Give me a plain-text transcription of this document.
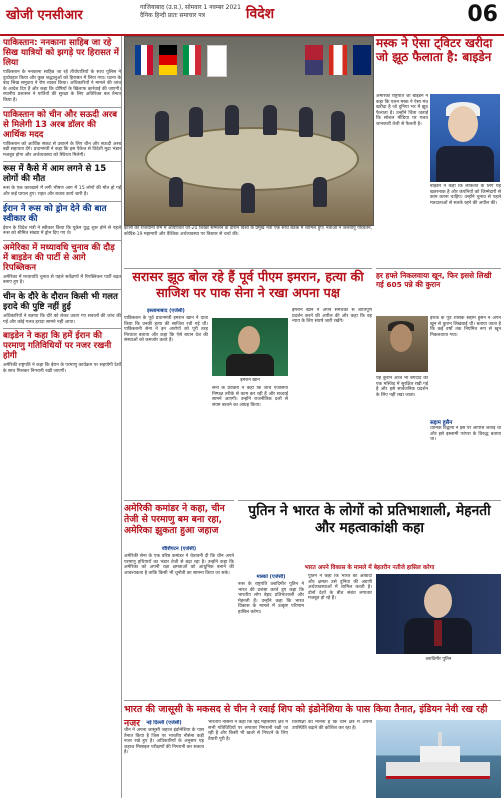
खोजी एनसीआर
गाजियाबाद (उ.प्र.), सोमवार 1 नवम्बर 2021
दैनिक हिन्दी प्रातः समाचार पत्र	विदेश	06
पाकिस्तान: ननकाना साहिब जा रहे सिख यात्रियों को झगड़े पर हिरासत में लिया
पाकिस्तान के ननकाना साहिब जा रहे तीर्थयात्रियों के साथ पुलिस ने दुर्व्यवहार किया और कुछ श्रद्धालुओं को हिरासत में लिया गया। घटना के बाद सिख समुदाय ने रोष व्यक्त किया। अधिकारियों ने मामले की जांच के आदेश दिए हैं और कहा कि दोषियों के खिलाफ कार्रवाई की जाएगी। स्थानीय प्रशासन ने यात्रियों की सुरक्षा के लिए अतिरिक्त बल तैनात किया है।
पाकिस्तान को चीन और सऊदी अरब से मिलेगी 13 अरब डॉलर की आर्थिक मदद
पाकिस्तान को आर्थिक संकट से उबारने के लिए चीन और सऊदी अरब बड़ी सहायता देंगे। प्रधानमंत्री ने कहा कि इस पैकेज से विदेशी मुद्रा भंडार मजबूत होगा और अर्थव्यवस्था को स्थिरता मिलेगी।
रूस में कैसे में आम लगने से 15 लोगों की मौत
रूस के एक कारखाने में लगी भीषण आग में 15 लोगों की मौत हो गई और कई घायल हुए। राहत और बचाव कार्य जारी है।
ईरान ने रूस को ड्रोन देने की बात स्वीकार की
ईरान के विदेश मंत्री ने स्वीकार किया कि यूक्रेन युद्ध शुरू होने से पहले रूस को सीमित संख्या में ड्रोन दिए गए थे।
अमेरिका में मध्यावधि चुनाव की दौड़ में बाइडेन की पार्टी से आगे रिपब्लिकन
अमेरिका में मध्यावधि चुनाव से पहले सर्वेक्षणों में रिपब्लिकन पार्टी बढ़त बनाए हुए है।
चीन के दौरे के दौरान किसी भी गलत इरादे की पुष्टि नहीं हुई
अधिकारियों ने बताया कि दौरे को लेकर उठाए गए सवालों की जांच की गई और कोई गलत इरादा सामने नहीं आया।
बाइडेन ने कहा कि हमें ईरान की परमाणु गतिविधियों पर नजर रखनी होगी
अमेरिकी राष्ट्रपति ने कहा कि ईरान के परमाणु कार्यक्रम पर सहयोगी देशों के साथ मिलकर निगरानी रखी जाएगी।
इटली की राजधानी रोम में आयोजित जी-20 शिखर सम्मेलन के दौरान विश्व के प्रमुख नेता एक साथ बैठक में शामिल हुए। नेताओं ने जलवायु परिवर्तन, कोविड-19 महामारी और वैश्विक अर्थव्यवस्था पर विस्तार से चर्चा की।
मस्क ने ऐसा ट्विटर खरीदा जो झूठ फैलाता है: बाइडेन
अमेरिकी राष्ट्रपति जो बाइडेन ने कहा कि एलन मस्क ने ऐसा मंच खरीदा है जो दुनिया भर में झूठ फैलाता है। उन्होंने चिंता जताई कि सोशल मीडिया पर गलत जानकारी तेजी से फैलती है।
बाइडेन ने कहा कि लोकतंत्र के लिए यह खतरनाक है और कंपनियों को जिम्मेदारी से काम करना चाहिए। उन्होंने चुनाव से पहले मतदाताओं से सतर्क रहने की अपील की।
सरासर झूठ बोल रहे हैं पूर्व पीएम इमरान, हत्या की साजिश पर पाक सेना ने रखा अपना पक्ष
इस्लामाबाद (एजेंसी)
पाकिस्तान के पूर्व प्रधानमंत्री इमरान खान ने दावा किया कि उनकी हत्या की साजिश रची गई थी। पाकिस्तानी सेना ने इन आरोपों को पूरी तरह निराधार बताया और कहा कि ऐसे बयान देश की संस्थाओं को कमजोर करते हैं।
इमरान खान
सेना के प्रवक्ता ने कहा कि जांच एजेंसियां निष्पक्ष तरीके से काम कर रही हैं और सच्चाई सामने आएगी। उन्होंने राजनीतिक दलों से संयम बरतने का आग्रह किया।
इमरान खान ने अपने समर्थकों से शांतिपूर्ण प्रदर्शन करने की अपील की और कहा कि वह न्याय के लिए संघर्ष जारी रखेंगे।
हर हफ्ते निकलवाया खून, फिर इससे लिखी गई 605 पन्ने की कुरान
इराक के पूर्व शासक सद्दाम हुसैन ने अपने खून से कुरान लिखवाई थी। बताया जाता है कि कई वर्षों तक नियमित रूप से खून निकलवाया गया।
यह कुरान आज भी बगदाद की एक मस्जिद में सुरक्षित रखी गई है और इसे सार्वजनिक प्रदर्शन के लिए नहीं रखा जाता।
सद्दाम हुसैन
धार्मिक विद्वानों ने इस पर आपत्ति जताई थी और इसे इस्लामी परंपरा के विरुद्ध बताया था।
अमेरिकी कमांडर ने कहा, चीन तेजी से परमाणु बम बना रहा, अमेरिका झुकता हुआ जहाज
वॉशिंगटन (एजेंसी)
अमेरिकी सेना के एक वरिष्ठ कमांडर ने चेतावनी दी कि चीन अपने परमाणु हथियारों का भंडार तेजी से बढ़ा रहा है। उन्होंने कहा कि अमेरिका को अपनी रक्षा क्षमताओं को आधुनिक बनाने की आवश्यकता है ताकि किसी भी चुनौती का सामना किया जा सके।
पुतिन ने भारत के लोगों को प्रतिभाशाली, मेहनती और महत्वाकांक्षी कहा
भारत अपने विकास के मामले में बेहतरीन नतीजे हासिल करेगा
मास्को (एजेंसी)
रूस के राष्ट्रपति व्लादिमीर पुतिन ने भारत की प्रशंसा करते हुए कहा कि भारतीय लोग बेहद प्रतिभाशाली और मेहनती हैं। उन्होंने कहा कि भारत विकास के मामले में उत्कृष्ट परिणाम हासिल करेगा।
पुतिन ने कहा कि भारत की आबादी और क्षमता उसे दुनिया की अग्रणी अर्थव्यवस्थाओं में शामिल करती है। दोनों देशों के बीच संबंध लगातार मजबूत हो रहे हैं।
व्लादिमीर पुतिन
भारत की जासूसी के मकसद से चीन ने रवाई शिप को इंडोनेशिया के पास किया तैनात, इंडियन नेवी रख रही नजर	नई दिल्ली (एजेंसी)
चीन ने अपना जासूसी जहाज इंडोनेशिया के पास तैनात किया है जिस पर भारतीय नौसेना कड़ी नजर रखे हुए है। अधिकारियों के अनुसार यह जहाज मिसाइल परीक्षणों की निगरानी कर सकता है।
भारतीय नौसेना ने कहा कि हिंद महासागर क्षेत्र में सभी गतिविधियों पर लगातार निगरानी रखी जा रही है और किसी भी खतरे से निपटने के लिए तैयारी पूरी है।
विशेषज्ञों का मानना है कि चीन क्षेत्र में अपनी उपस्थिति बढ़ाने की कोशिश कर रहा है।
